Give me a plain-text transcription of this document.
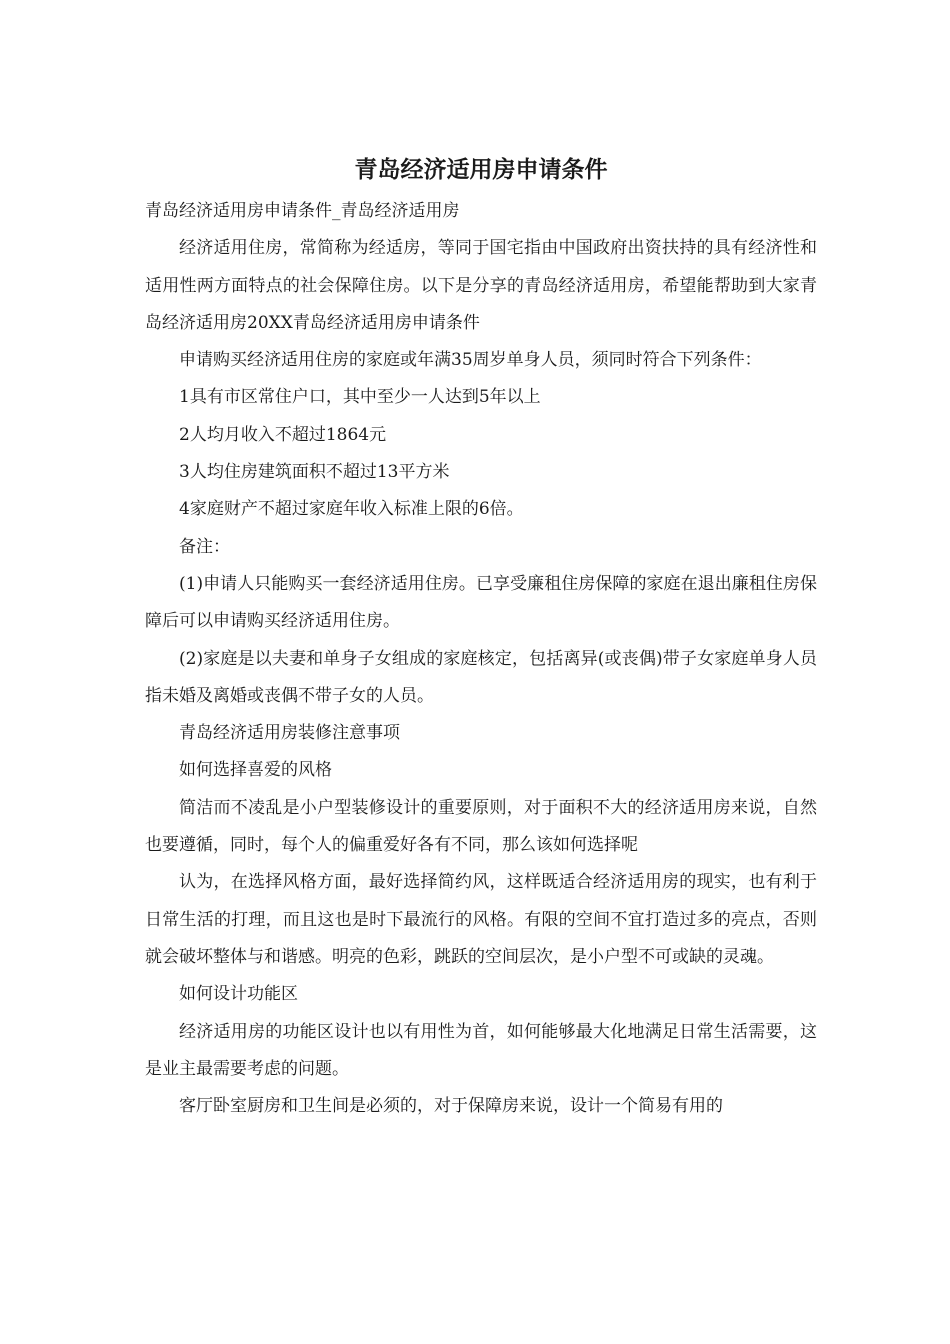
青岛经济适用房申请条件

青岛经济适用房申请条件_青岛经济适用房

经济适用住房，常简称为经适房，等同于国宅指由中国政府出资扶持的具有经济性和适用性两方面特点的社会保障住房。以下是分享的青岛经济适用房，希望能帮助到大家青岛经济适用房20XX青岛经济适用房申请条件

申请购买经济适用住房的家庭或年满35周岁单身人员，须同时符合下列条件：

1具有市区常住户口，其中至少一人达到5年以上

2人均月收入不超过1864元

3人均住房建筑面积不超过13平方米

4家庭财产不超过家庭年收入标准上限的6倍。

备注：

(1)申请人只能购买一套经济适用住房。已享受廉租住房保障的家庭在退出廉租住房保障后可以申请购买经济适用住房。

(2)家庭是以夫妻和单身子女组成的家庭核定，包括离异(或丧偶)带子女家庭单身人员指未婚及离婚或丧偶不带子女的人员。

青岛经济适用房装修注意事项

如何选择喜爱的风格

简洁而不凌乱是小户型装修设计的重要原则，对于面积不大的经济适用房来说，自然也要遵循，同时，每个人的偏重爱好各有不同，那么该如何选择呢

认为，在选择风格方面，最好选择简约风，这样既适合经济适用房的现实，也有利于日常生活的打理，而且这也是时下最流行的风格。有限的空间不宜打造过多的亮点，否则就会破坏整体与和谐感。明亮的色彩，跳跃的空间层次，是小户型不可或缺的灵魂。

如何设计功能区

经济适用房的功能区设计也以有用性为首，如何能够最大化地满足日常生活需要，这是业主最需要考虑的问题。

客厅卧室厨房和卫生间是必须的，对于保障房来说，设计一个简易有用的
